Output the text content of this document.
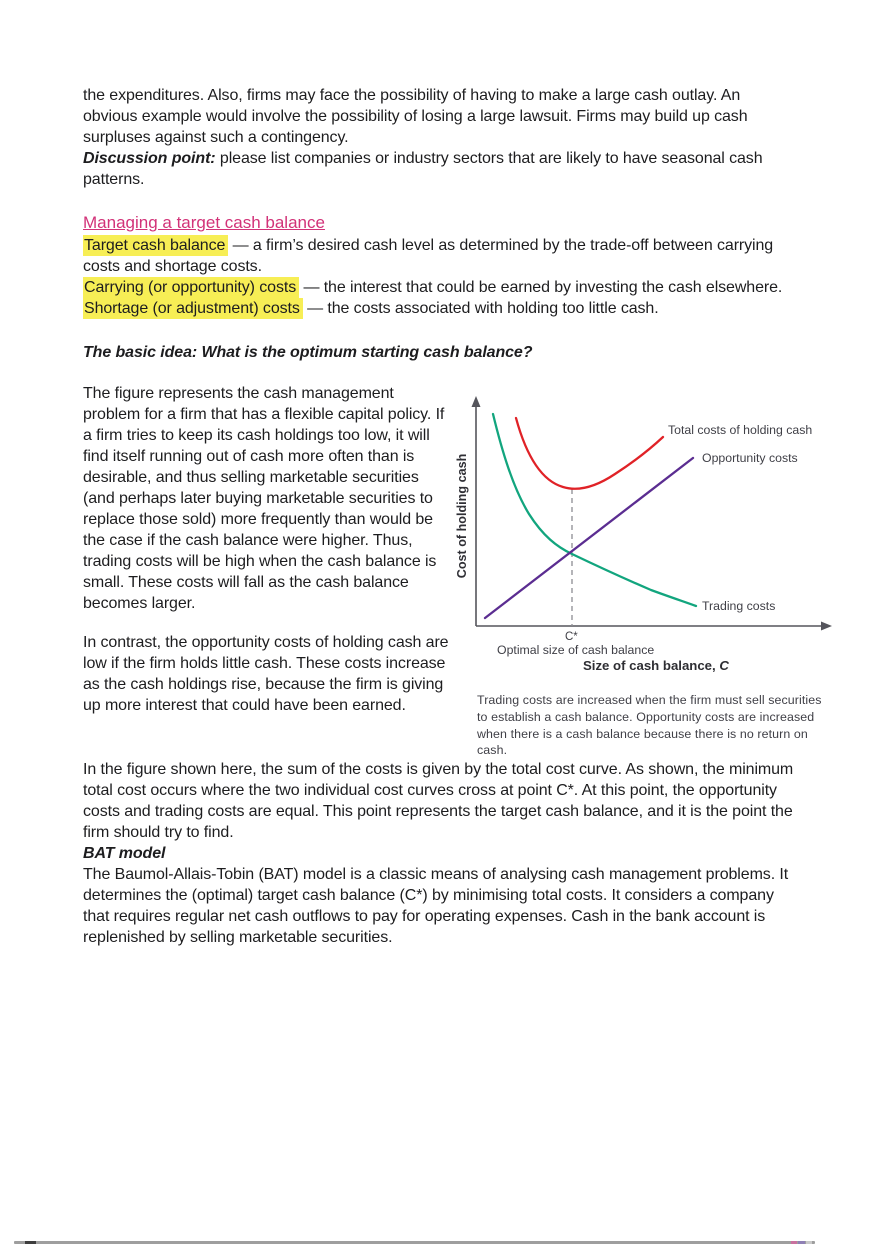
the expenditures. Also, firms may face the possibility of having to make a large cash outlay. An obvious example would involve the possibility of losing a large lawsuit. Firms may build up cash surpluses against such a contingency.

Discussion point: please list companies or industry sectors that are likely to have seasonal cash patterns.

Managing a target cash balance

Target cash balance — a firm’s desired cash level as determined by the trade-off between carrying costs and shortage costs.

Carrying (or opportunity) costs — the interest that could be earned by investing the cash elsewhere.

Shortage (or adjustment) costs — the costs associated with holding too little cash.

The basic idea: What is the optimum starting cash balance?

The figure represents the cash management problem for a firm that has a flexible capital policy. If a firm tries to keep its cash holdings too low, it will find itself running out of cash more often than is desirable, and thus selling marketable securities (and perhaps later buying marketable securities to replace those sold) more frequently than would be the case if the cash balance were higher. Thus, trading costs will be high when the cash balance is small. These costs will fall as the cash balance becomes larger.

In contrast, the opportunity costs of holding cash are low if the firm holds little cash. These costs increase as the cash holdings rise, because the firm is giving up more interest that could have been earned.

Total costs of holding cash
Opportunity costs
Trading costs
C*
Optimal size of cash balance
Size of cash balance, C
Cost of holding cash

Trading costs are increased when the firm must sell securities to establish a cash balance. Opportunity costs are increased when there is a cash balance because there is no return on cash.

In the figure shown here, the sum of the costs is given by the total cost curve. As shown, the minimum total cost occurs where the two individual cost curves cross at point C*. At this point, the opportunity costs and trading costs are equal. This point represents the target cash balance, and it is the point the firm should try to find.

BAT model

The Baumol-Allais-Tobin (BAT) model is a classic means of analysing cash management problems. It determines the (optimal) target cash balance (C*) by minimising total costs. It considers a company that requires regular net cash outflows to pay for operating expenses. Cash in the bank account is replenished by selling marketable securities.
